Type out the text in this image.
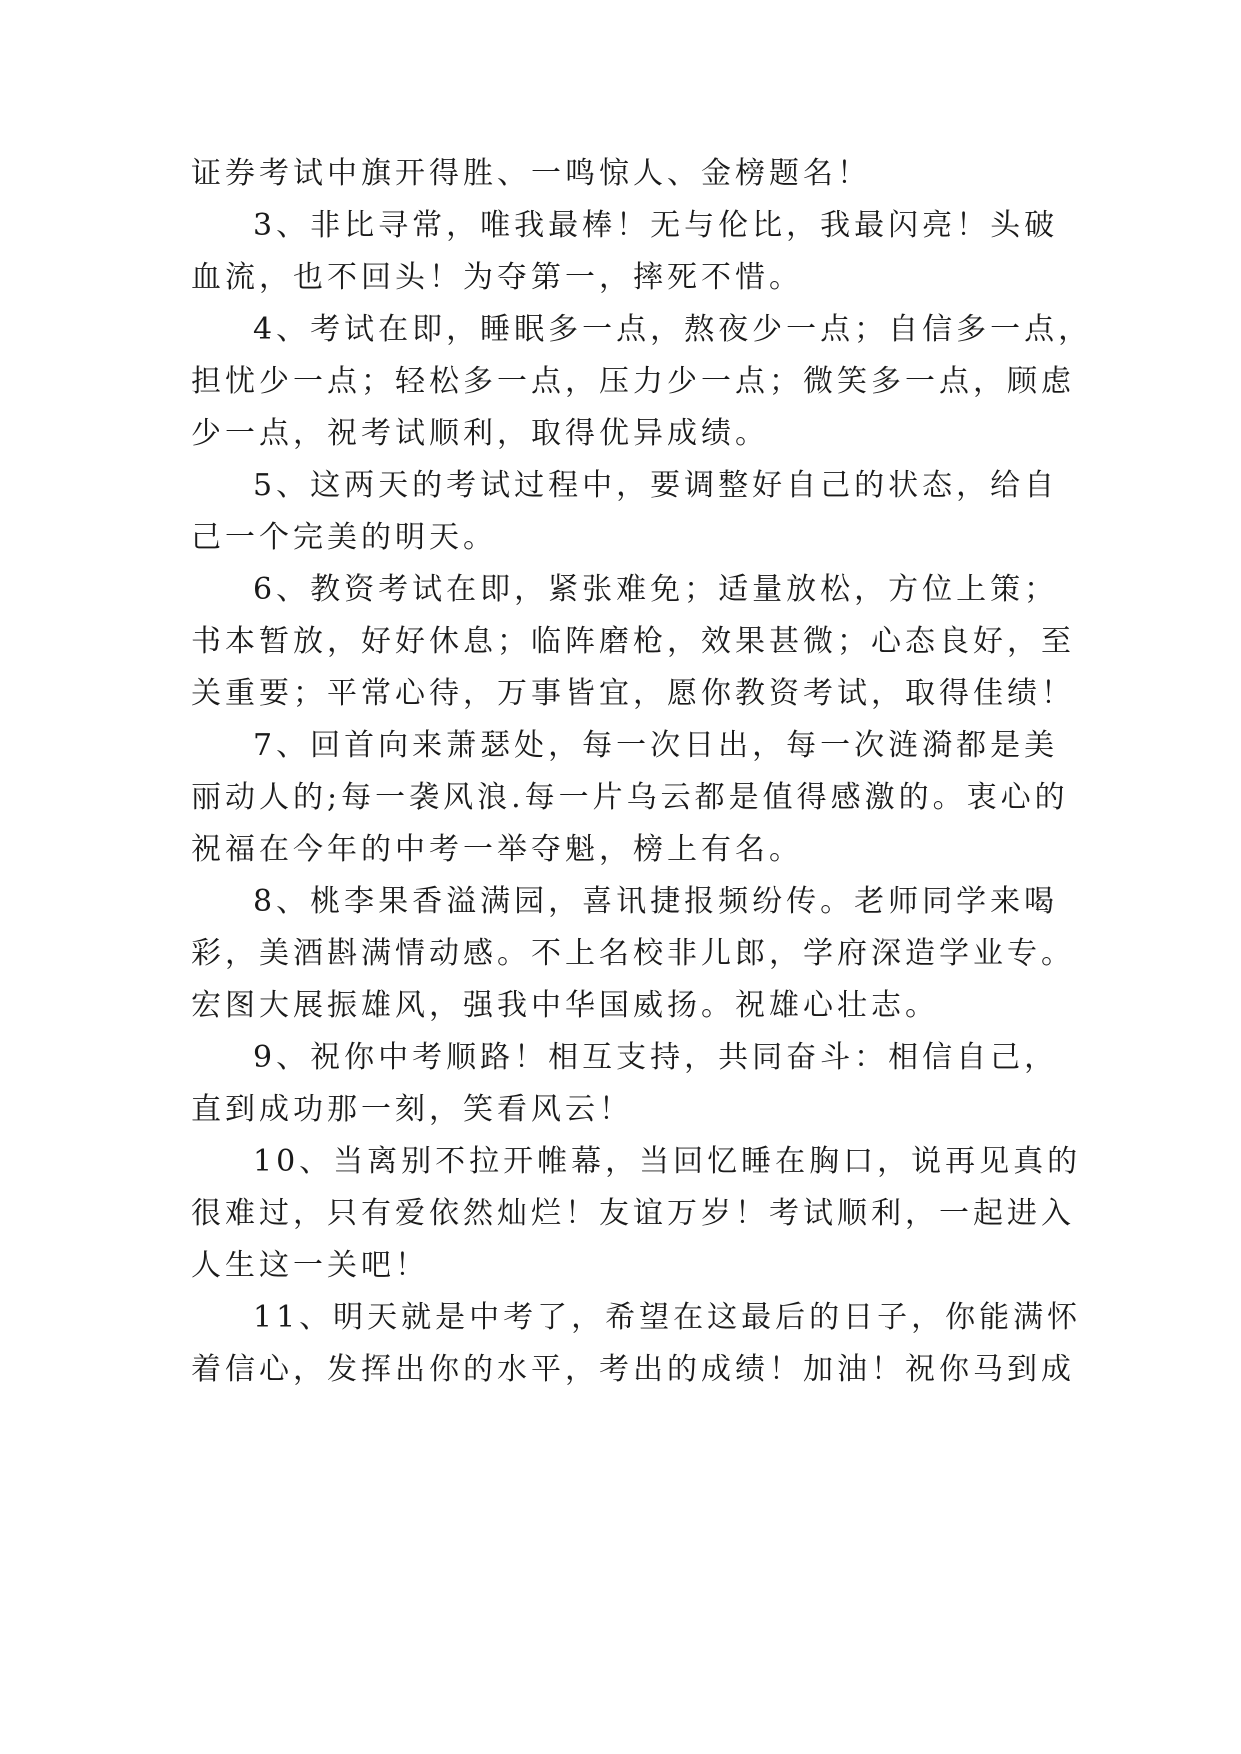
证券考试中旗开得胜、一鸣惊人、金榜题名！
3、非比寻常，唯我最棒！无与伦比，我最闪亮！头破
血流，也不回头！为夺第一，摔死不惜。
4、考试在即，睡眠多一点，熬夜少一点；自信多一点，
担忧少一点；轻松多一点，压力少一点；微笑多一点，顾虑
少一点，祝考试顺利，取得优异成绩。
5、这两天的考试过程中，要调整好自己的状态，给自
己一个完美的明天。
6、教资考试在即，紧张难免；适量放松，方位上策；
书本暂放，好好休息；临阵磨枪，效果甚微；心态良好，至
关重要；平常心待，万事皆宜，愿你教资考试，取得佳绩！
7、回首向来萧瑟处，每一次日出，每一次涟漪都是美
丽动人的;每一袭风浪.每一片乌云都是值得感激的。衷心的
祝福在今年的中考一举夺魁，榜上有名。
8、桃李果香溢满园，喜讯捷报频纷传。老师同学来喝
彩，美酒斟满情动感。不上名校非儿郎，学府深造学业专。
宏图大展振雄风，强我中华国威扬。祝雄心壮志。
9、祝你中考顺路！相互支持，共同奋斗：相信自己，
直到成功那一刻，笑看风云！
10、当离别不拉开帷幕，当回忆睡在胸口，说再见真的
很难过，只有爱依然灿烂！友谊万岁！考试顺利，一起进入
人生这一关吧！
11、明天就是中考了，希望在这最后的日子，你能满怀
着信心，发挥出你的水平，考出的成绩！加油！祝你马到成
